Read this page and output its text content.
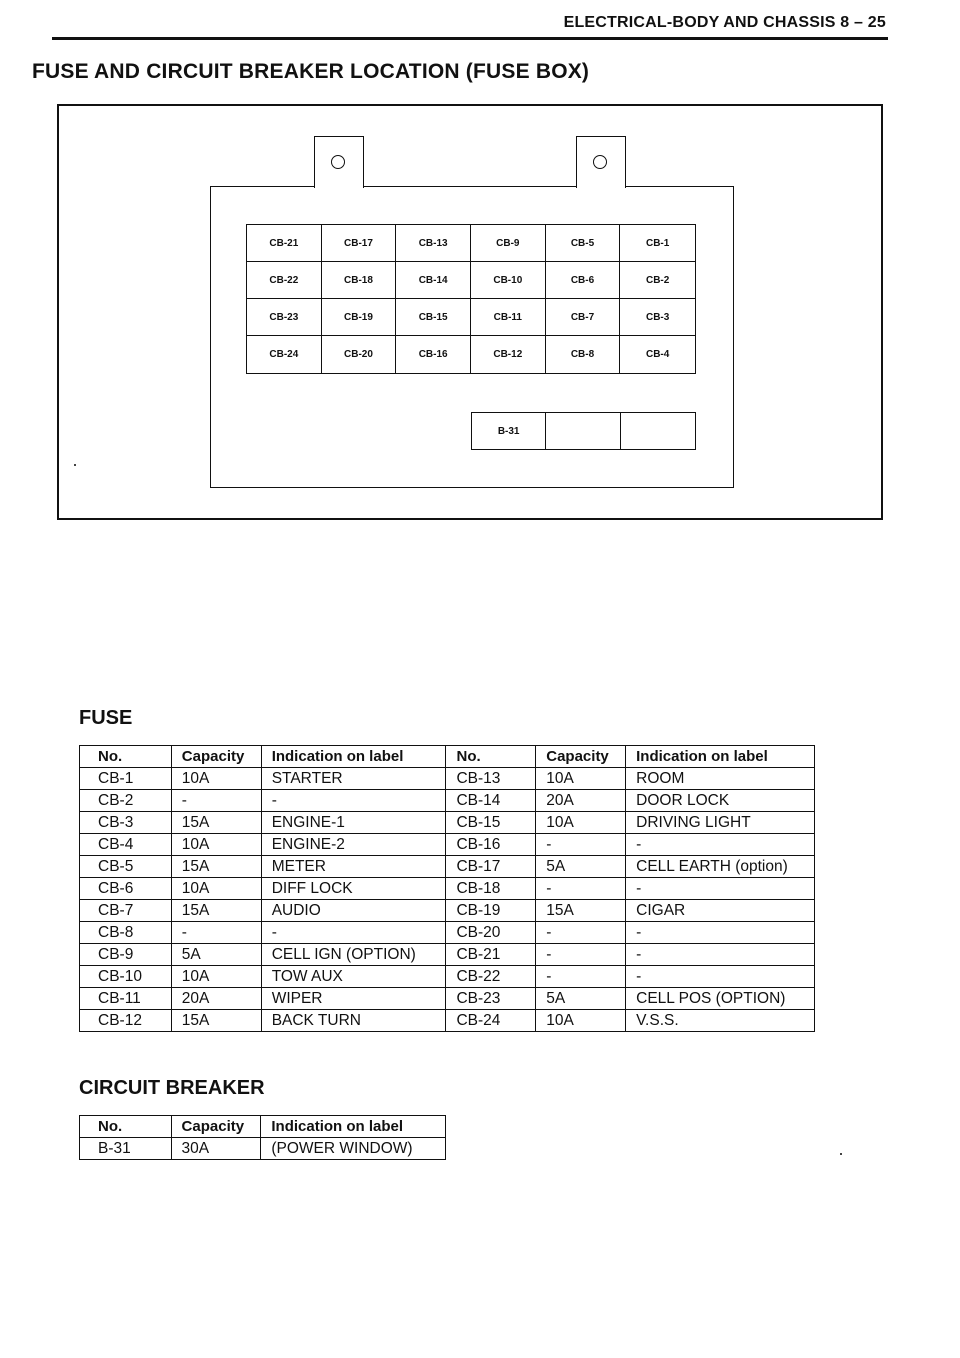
ELECTRICAL-BODY AND CHASSIS 8 – 25
FUSE AND CIRCUIT BREAKER LOCATION (FUSE BOX)
CB-21	CB-17	CB-13	CB-9	CB-5	CB-1
CB-22	CB-18	CB-14	CB-10	CB-6	CB-2
CB-23	CB-19	CB-15	CB-11	CB-7	CB-3
CB-24	CB-20	CB-16	CB-12	CB-8	CB-4
B-31
FUSE
No.	Capacity	Indication on label	No.	Capacity	Indication on label
CB-1	10A	STARTER	CB-13	10A	ROOM
CB-2	-	-	CB-14	20A	DOOR LOCK
CB-3	15A	ENGINE-1	CB-15	10A	DRIVING LIGHT
CB-4	10A	ENGINE-2	CB-16	-	-
CB-5	15A	METER	CB-17	5A	CELL EARTH (option)
CB-6	10A	DIFF LOCK	CB-18	-	-
CB-7	15A	AUDIO	CB-19	15A	CIGAR
CB-8	-	-	CB-20	-	-
CB-9	5A	CELL IGN (OPTION)	CB-21	-	-
CB-10	10A	TOW AUX	CB-22	-	-
CB-11	20A	WIPER	CB-23	5A	CELL POS (OPTION)
CB-12	15A	BACK TURN	CB-24	10A	V.S.S.
CIRCUIT BREAKER
No.	Capacity	Indication on label
B-31	30A	(POWER WINDOW)
